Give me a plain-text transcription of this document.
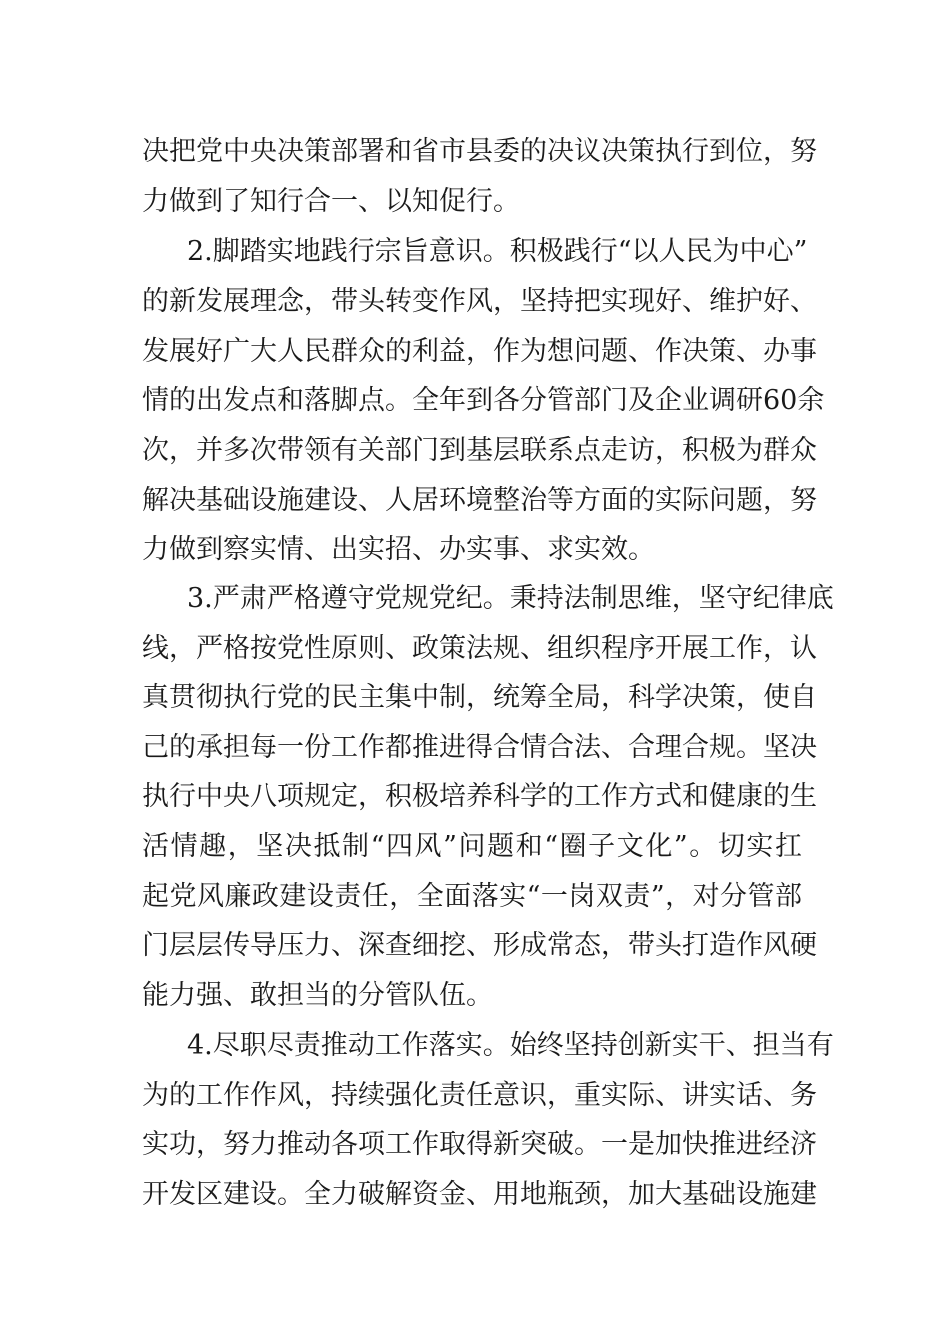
决把党中央决策部署和省市县委的决议决策执行到位，努
力做到了知行合一、以知促行。
2.脚踏实地践行宗旨意识。积极践行“以人民为中心”
的新发展理念，带头转变作风，坚持把实现好、维护好、
发展好广大人民群众的利益，作为想问题、作决策、办事
情的出发点和落脚点。全年到各分管部门及企业调研60余
次，并多次带领有关部门到基层联系点走访，积极为群众
解决基础设施建设、人居环境整治等方面的实际问题，努
力做到察实情、出实招、办实事、求实效。
3.严肃严格遵守党规党纪。秉持法制思维，坚守纪律底
线，严格按党性原则、政策法规、组织程序开展工作，认
真贯彻执行党的民主集中制，统筹全局，科学决策，使自
己的承担每一份工作都推进得合情合法、合理合规。坚决
执行中央八项规定，积极培养科学的工作方式和健康的生
活情趣，坚决抵制“四风”问题和“圈子文化”。切实扛
起党风廉政建设责任，全面落实“一岗双责”，对分管部
门层层传导压力、深查细挖、形成常态，带头打造作风硬
能力强、敢担当的分管队伍。
4.尽职尽责推动工作落实。始终坚持创新实干、担当有
为的工作作风，持续强化责任意识，重实际、讲实话、务
实功，努力推动各项工作取得新突破。一是加快推进经济
开发区建设。全力破解资金、用地瓶颈，加大基础设施建
